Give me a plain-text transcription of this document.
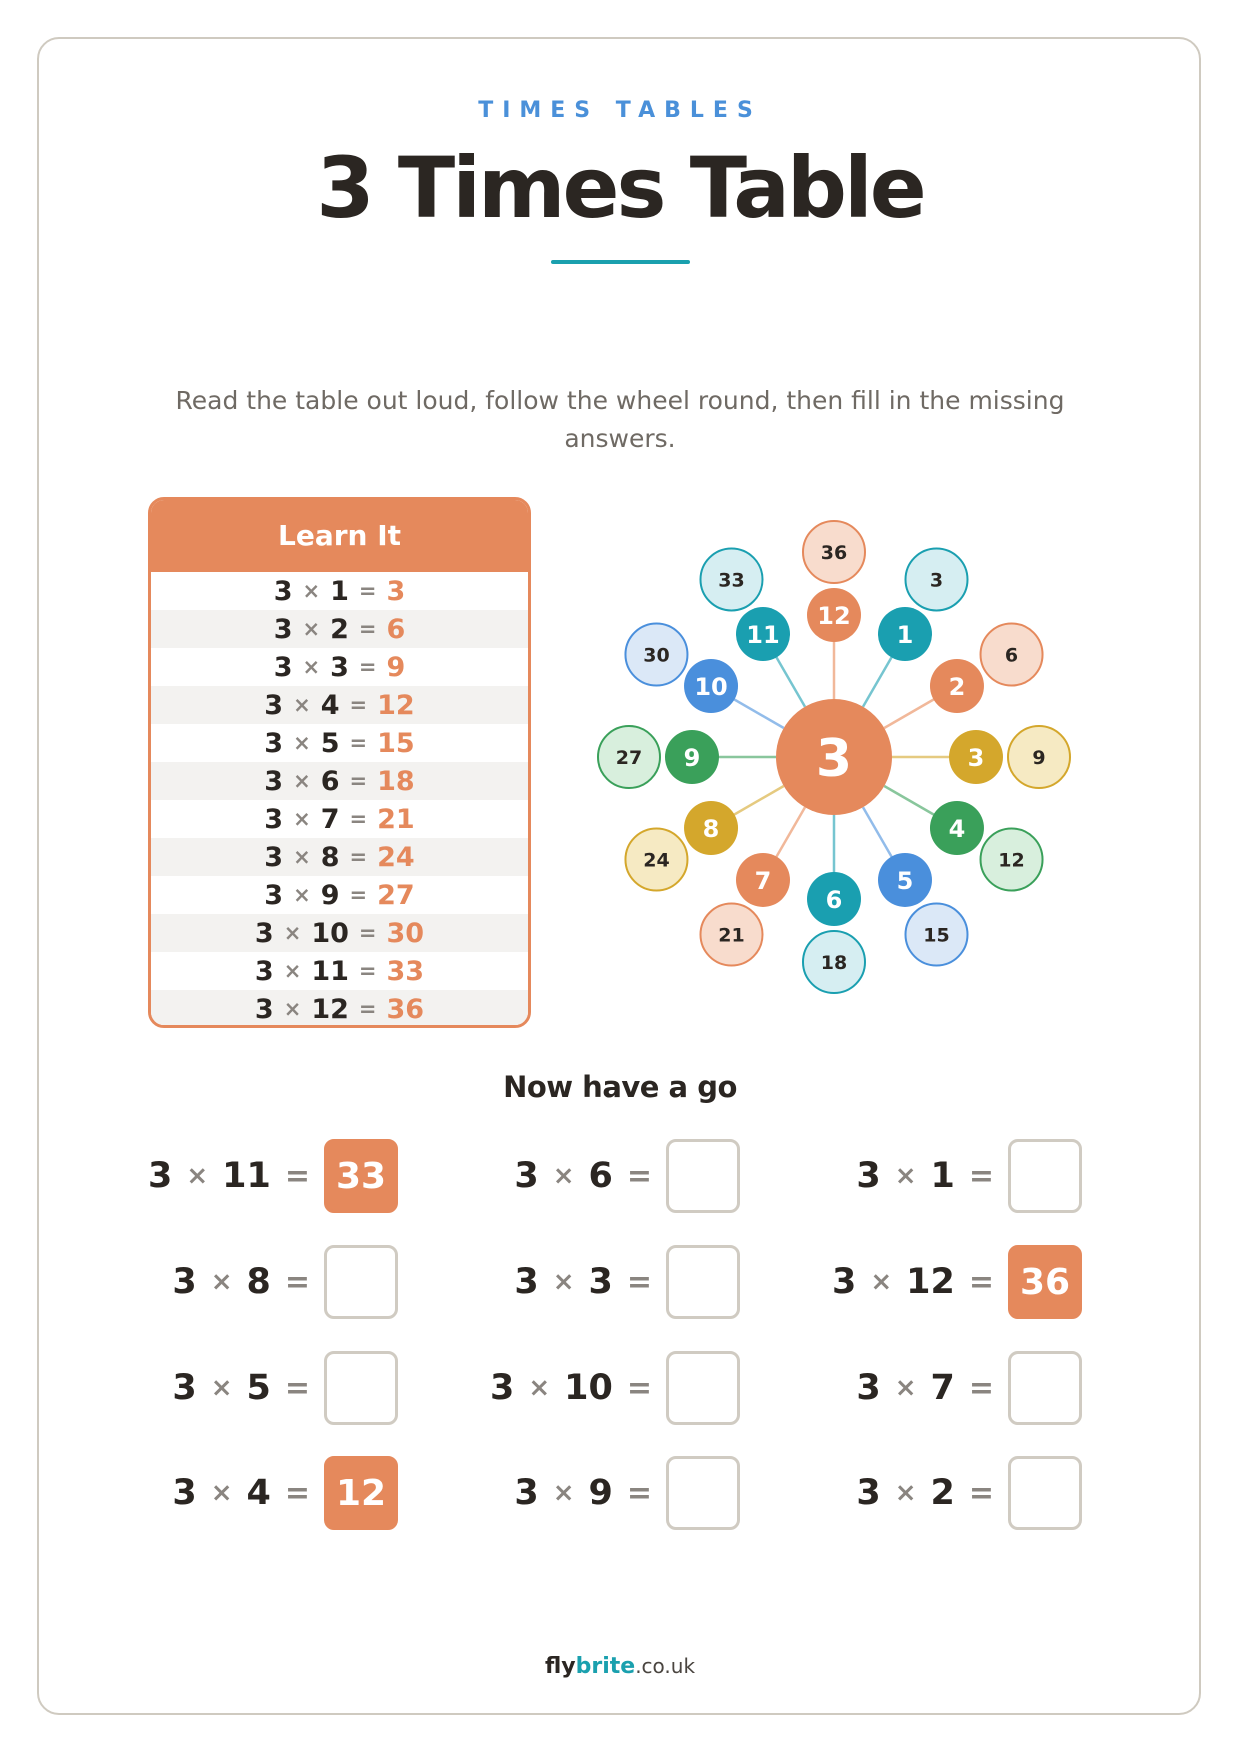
TIMES TABLES
3 Times Table
Read the table out loud, follow the wheel round, then fill in the missing answers.
Learn It
3 × 1 = 3
3 × 2 = 6
3 × 3 = 9
3 × 4 = 12
3 × 5 = 15
3 × 6 = 18
3 × 7 = 21
3 × 8 = 24
3 × 9 = 27
3 × 10 = 30
3 × 11 = 33
3 × 12 = 36
3
3
1
6
2
9
3
12
4
15
5
18
6
21
7
24
8
27 9
30
10
33
11
36
12
Now have a go
3 × 11 = 33	3 × 6 =	3 × 1 =
3 × 8 =	3 × 3 =	3 × 12 = 36
3 × 5 =	3 × 10 =	3 × 7 =
3 × 4 = 12	3 × 9 =	3 × 2 =
flybrite.co.uk
